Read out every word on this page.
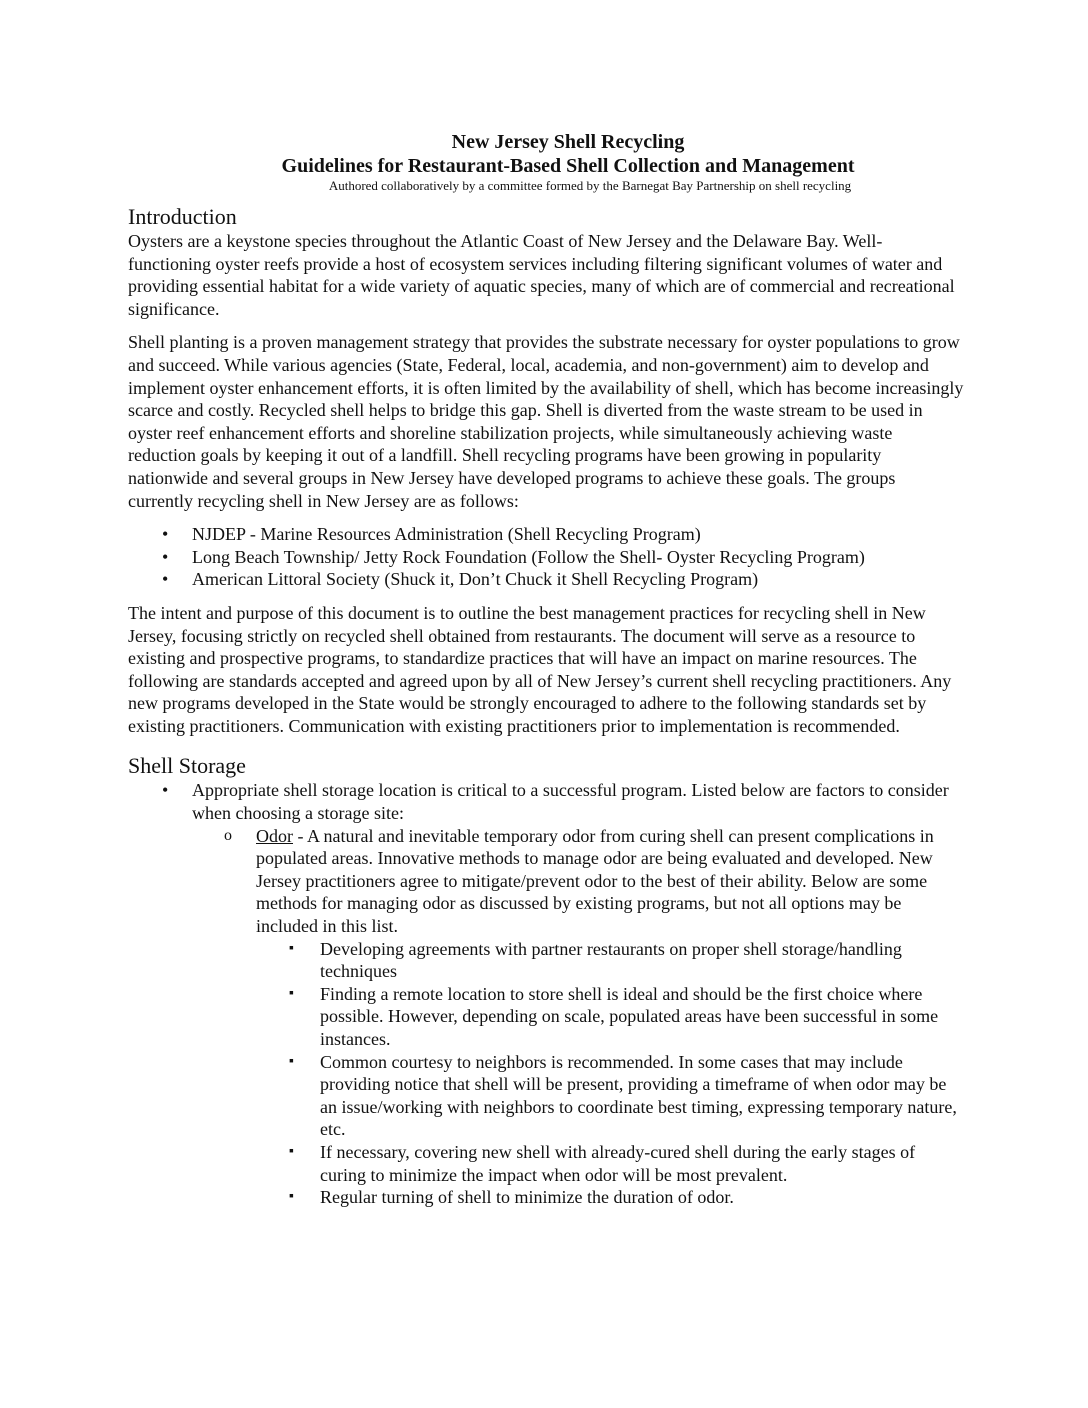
New Jersey Shell Recycling

Guidelines for Restaurant-Based Shell Collection and Management

Authored collaboratively by a committee formed by the Barnegat Bay Partnership on shell recycling

Introduction

Oysters are a keystone species throughout the Atlantic Coast of New Jersey and the Delaware Bay. Well-functioning oyster reefs provide a host of ecosystem services including filtering significant volumes of water and providing essential habitat for a wide variety of aquatic species, many of which are of commercial and recreational significance.

Shell planting is a proven management strategy that provides the substrate necessary for oyster populations to grow and succeed. While various agencies (State, Federal, local, academia, and non-government) aim to develop and implement oyster enhancement efforts, it is often limited by the availability of shell, which has become increasingly scarce and costly. Recycled shell helps to bridge this gap. Shell is diverted from the waste stream to be used in oyster reef enhancement efforts and shoreline stabilization projects, while simultaneously achieving waste reduction goals by keeping it out of a landfill. Shell recycling programs have been growing in popularity nationwide and several groups in New Jersey have developed programs to achieve these goals. The groups currently recycling shell in New Jersey are as follows:

• NJDEP - Marine Resources Administration (Shell Recycling Program)
• Long Beach Township/ Jetty Rock Foundation (Follow the Shell- Oyster Recycling Program)
• American Littoral Society (Shuck it, Don’t Chuck it Shell Recycling Program)

The intent and purpose of this document is to outline the best management practices for recycling shell in New Jersey, focusing strictly on recycled shell obtained from restaurants. The document will serve as a resource to existing and prospective programs, to standardize practices that will have an impact on marine resources. The following are standards accepted and agreed upon by all of New Jersey’s current shell recycling practitioners. Any new programs developed in the State would be strongly encouraged to adhere to the following standards set by existing practitioners. Communication with existing practitioners prior to implementation is recommended.

Shell Storage
• Appropriate shell storage location is critical to a successful program. Listed below are factors to consider when choosing a storage site:
o Odor - A natural and inevitable temporary odor from curing shell can present complications in populated areas. Innovative methods to manage odor are being evaluated and developed. New Jersey practitioners agree to mitigate/prevent odor to the best of their ability. Below are some methods for managing odor as discussed by existing programs, but not all options may be included in this list.
▪ Developing agreements with partner restaurants on proper shell storage/handling techniques
▪ Finding a remote location to store shell is ideal and should be the first choice where possible. However, depending on scale, populated areas have been successful in some instances.
▪ Common courtesy to neighbors is recommended. In some cases that may include providing notice that shell will be present, providing a timeframe of when odor may be an issue/working with neighbors to coordinate best timing, expressing temporary nature, etc.
▪ If necessary, covering new shell with already-cured shell during the early stages of curing to minimize the impact when odor will be most prevalent.
▪ Regular turning of shell to minimize the duration of odor.
